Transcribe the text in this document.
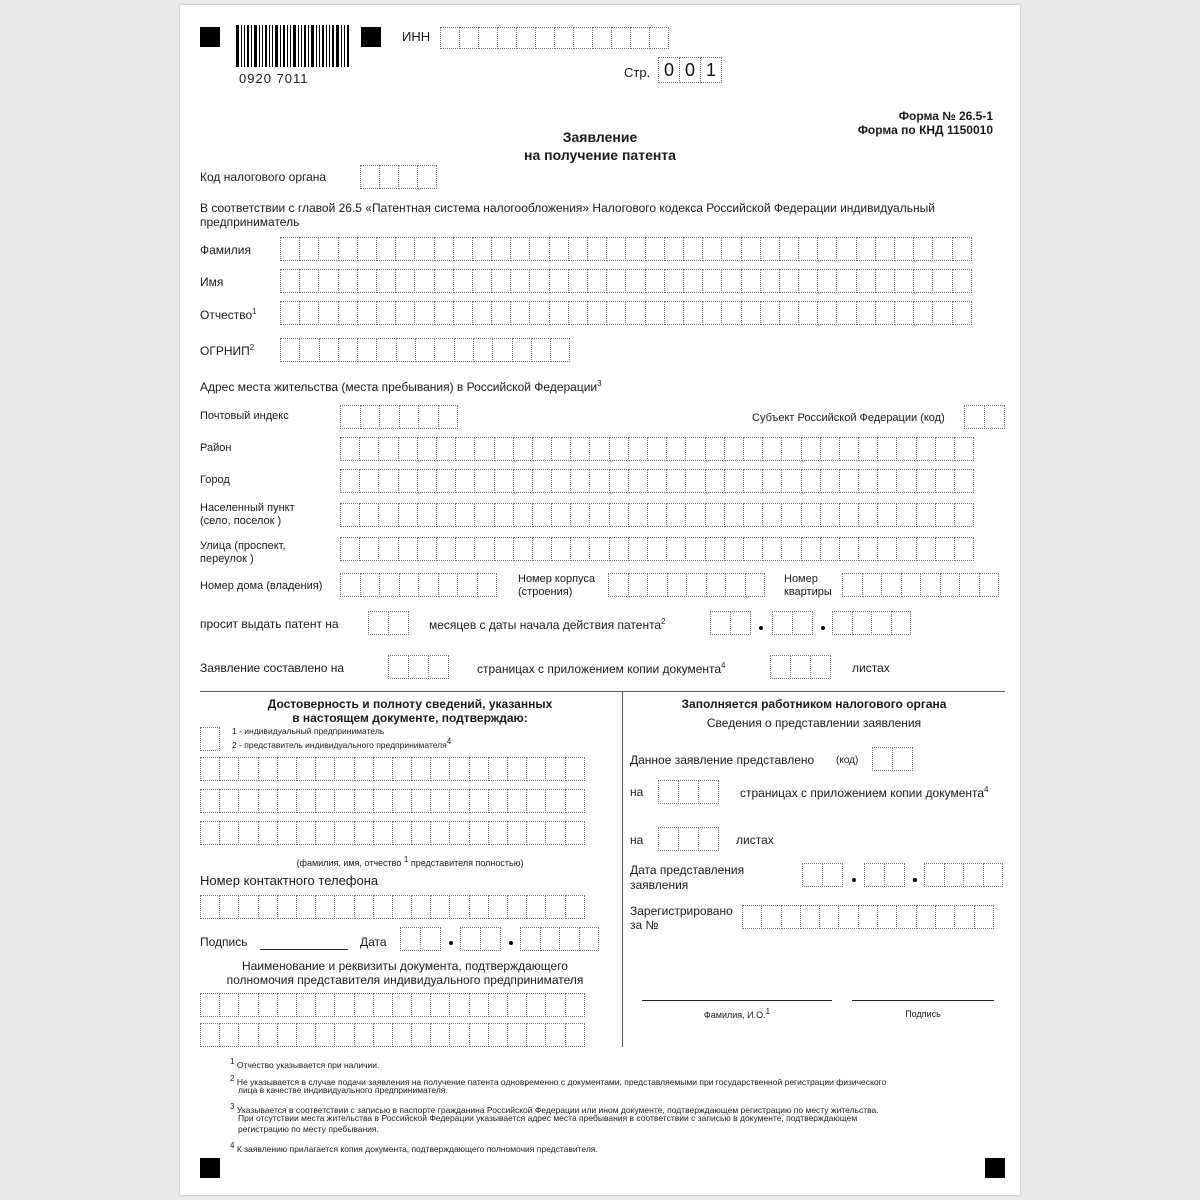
0920 7011
ИНН
Стр. 0 0 1
Форма № 26.5-1
Форма по КНД 1150010
Заявление
на получение патента
Код налогового органа
В соответствии с главой 26.5 «Патентная система налогообложения» Налогового кодекса Российской Федерации индивидуальный
предприниматель
Фамилия
Имя
Отчество$^1$
ОГРНИП$^2$
Адрес места жительства (места пребывания) в Российской Федерации$^3$
Почтовый индекс	Субъект Российской Федерации (код)
Район
Город
Населенный пункт
(село, поселок )
Улица (проспект,
переулок )
Номер дома (владения)
Номер корпуса
(строения)
Номер
квартиры
просит выдать патент на	месяцев с даты начала действия патента$^2$
Заявление составлено на	страницах с приложением копии документа$^4$	листах
Достоверность и полноту сведений, указанных
в настоящем документе, подтверждаю:
1 - индивидуальный предприниматель
2 - представитель индивидуального предпринимателя$^4$
(фамилия, имя, отчество $^1$ представителя полностью)
Номер контактного телефона
Подпись	Дата
Наименование и реквизиты документа, подтверждающего
полномочия представителя индивидуального предпринимателя
Заполняется работником налогового органа
Сведения о представлении заявления
Данное заявление представлено (код)
на	страницах с приложением копии документа$^4$
на	листах
Дата представления
заявления
Зарегистрировано
за №
Фамилия, И.О.$^1$	Подпись
$^1$ Отчество указывается при наличии.
$^2$ Не указывается в случае подачи заявления на получение патента одновременно с документами, представляемыми при государственной регистрации физического
лица в качестве индивидуального предпринимателя.
$^3$ Указывается в соответствии с записью в паспорте гражданина Российской Федерации или ином документе, подтверждающем регистрацию по месту жительства.
При отсутствии места жительства в Российской Федерации указывается адрес места пребывания в соответствии с записью в документе, подтверждающем
регистрацию по месту пребывания.
$^4$ К заявлению прилагается копия документа, подтверждающего полномочия представителя.
